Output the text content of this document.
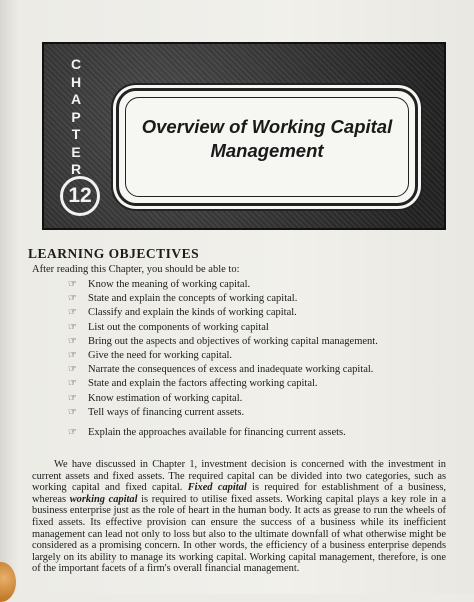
C
H
A
P
T
E
R
12
Overview of Working Capital
Management
LEARNING OBJECTIVES
After reading this Chapter, you should be able to:
☞	Know the meaning of working capital.
☞	State and explain the concepts of working capital.
☞	Classify and explain the kinds of working capital.
☞	List out the components of working capital
☞	Bring out the aspects and objectives of working capital management.
☞	Give the need for working capital.
☞	Narrate the consequences of excess and inadequate working capital.
☞	State and explain the factors affecting working capital.
☞	Know estimation of working capital.
☞	Tell ways of financing current assets.
☞	Explain the approaches available for financing current assets.

We have discussed in Chapter 1, investment decision is concerned with the investment in current assets and fixed assets. The required capital can be divided into two categories, such as working capital and fixed capital. Fixed capital is required for establishment of a business, whereas working capital is required to utilise fixed assets. Working capital plays a key role in a business enterprise just as the role of heart in the human body. It acts as grease to run the wheels of fixed assets. Its effective provision can ensure the success of a business while its inefficient management can lead not only to loss but also to the ultimate downfall of what otherwise might be considered as a promising concern. In other words, the efficiency of a business enterprise depends largely on its ability to manage its working capital. Working capital management, therefore, is one of the important facets of a firm's overall financial management.
